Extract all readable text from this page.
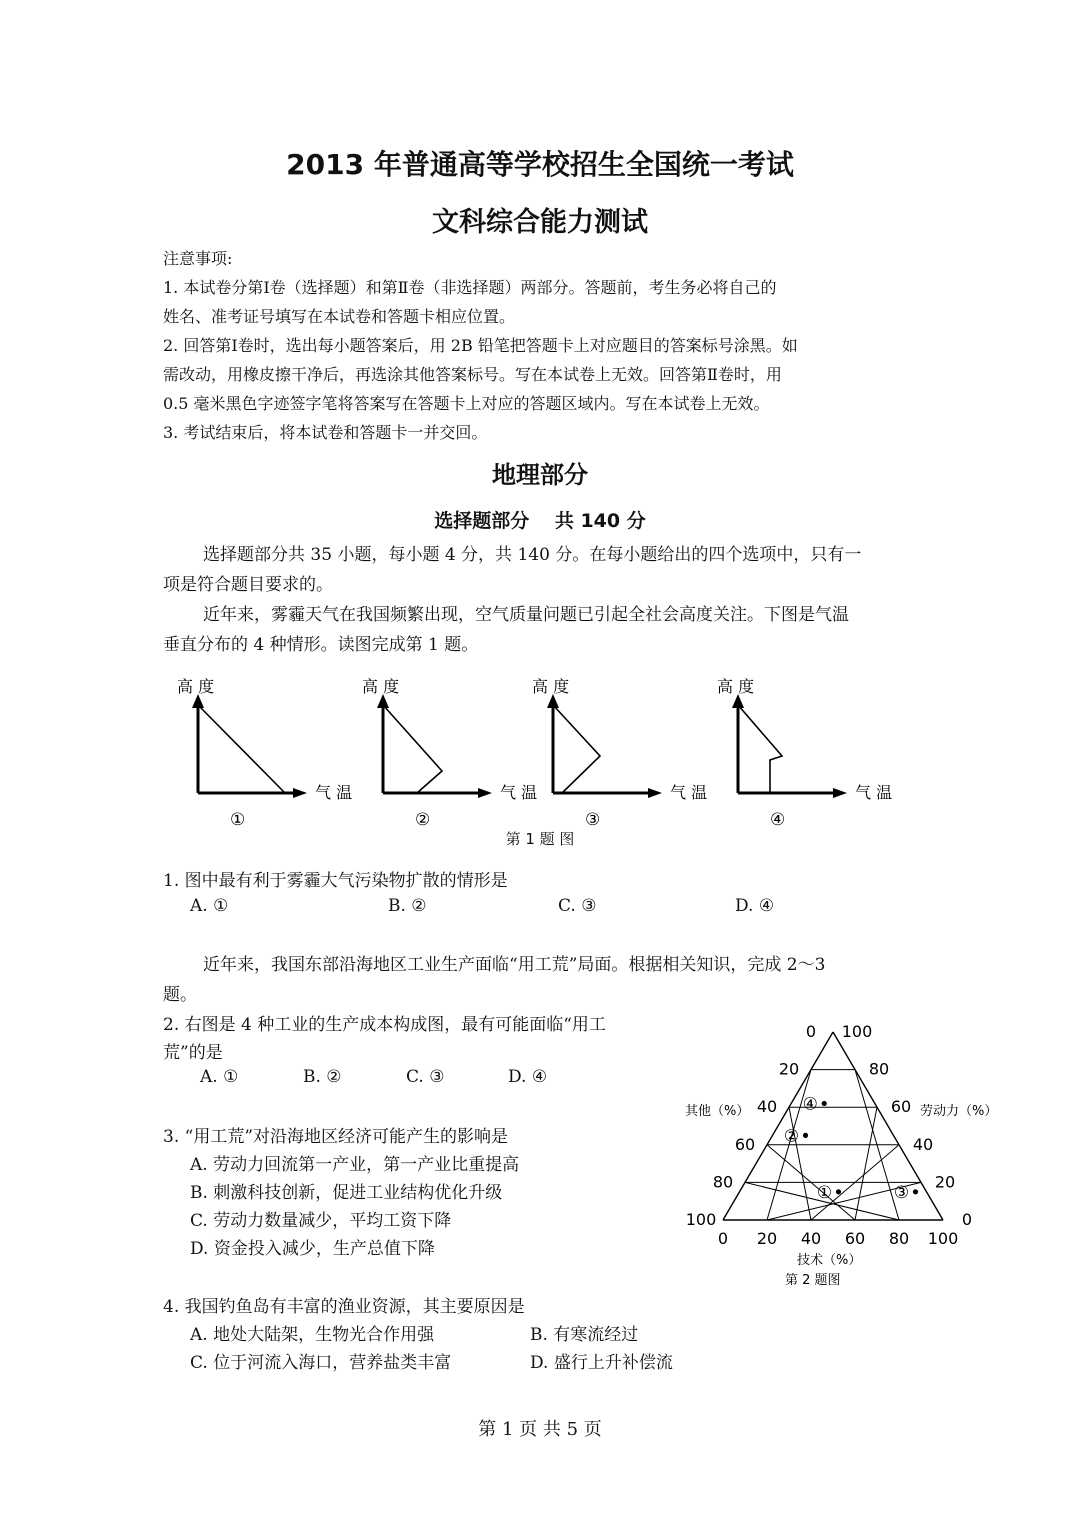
2013 年普通高等学校招生全国统一考试
文科综合能力测试
注意事项:
1. 本试卷分第Ⅰ卷（选择题）和第Ⅱ卷（非选择题）两部分。答题前，考生务必将自己的
姓名、准考证号填写在本试卷和答题卡相应位置。
2. 回答第Ⅰ卷时，选出每小题答案后，用 2B 铅笔把答题卡上对应题目的答案标号涂黑。如
需改动，用橡皮擦干净后，再选涂其他答案标号。写在本试卷上无效。回答第Ⅱ卷时，用
0.5 毫米黑色字迹签字笔将答案写在答题卡上对应的答题区域内。写在本试卷上无效。
3. 考试结束后，将本试卷和答题卡一并交回。
地理部分
选择题部分　 共 140 分
选择题部分共 35 小题，每小题 4 分，共 140 分。在每小题给出的四个选项中，只有一
项是符合题目要求的。
近年来，雾霾天气在我国频繁出现，空气质量问题已引起全社会高度关注。下图是气温
垂直分布的 4 种情形。读图完成第 1 题。
高 度
气 温
①
高 度
气 温
②
高 度
气 温
③
高 度
气 温
④
第 1 题 图
1. 图中最有利于雾霾大气污染物扩散的情形是
A. ①	B. ②	C. ③	D. ④
近年来，我国东部沿海地区工业生产面临“用工荒”局面。根据相关知识，完成 2～3
题。
2. 右图是 4 种工业的生产成本构成图，最有可能面临“用工
荒”的是
A. ①	B. ②	C. ③	D. ④
3. “用工荒”对沿海地区经济可能产生的影响是
A. 劳动力回流第一产业，第一产业比重提高
B. 刺激科技创新，促进工业结构优化升级
C. 劳动力数量减少，平均工资下降
D. 资金投入减少，生产总值下降
0 20 40 60 80 100
0
20
40
60
80
100
100
80
60
40
20
0
①
②
③
④
其他（%）	劳动力（%）
技术（%）
第 2 题图
4. 我国钓鱼岛有丰富的渔业资源，其主要原因是
A. 地处大陆架，生物光合作用强	B. 有寒流经过
C. 位于河流入海口，营养盐类丰富	D. 盛行上升补偿流
第 1 页 共 5 页
